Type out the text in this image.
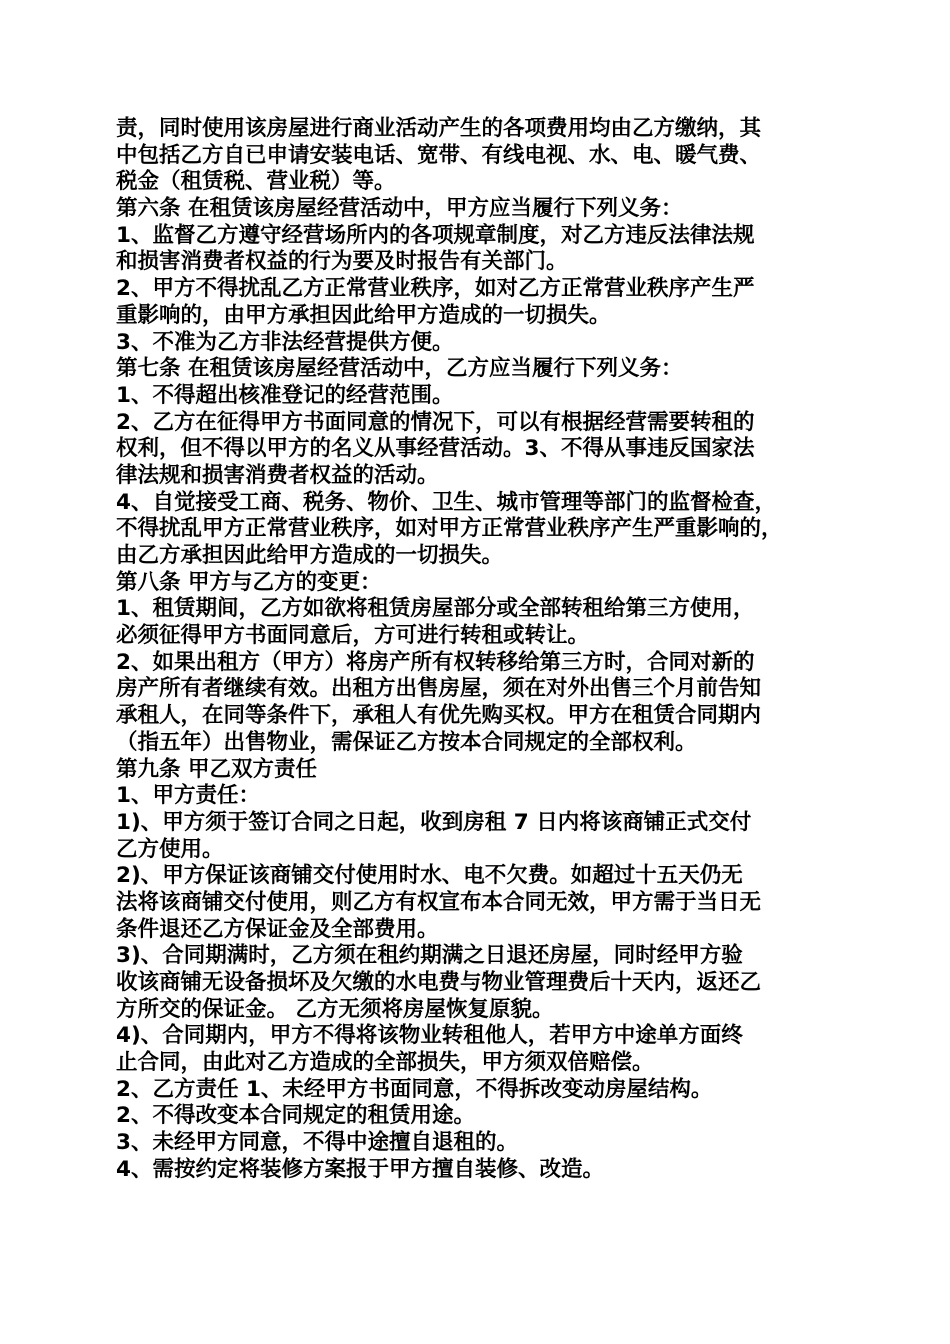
责，同时使用该房屋进行商业活动产生的各项费用均由乙方缴纳，其
中包括乙方自已申请安装电话、宽带、有线电视、水、电、暖气费、
税金（租赁税、营业税）等。
第六条 在租赁该房屋经营活动中，甲方应当履行下列义务：
1、监督乙方遵守经营场所内的各项规章制度，对乙方违反法律法规
和损害消费者权益的行为要及时报告有关部门。
2、甲方不得扰乱乙方正常营业秩序，如对乙方正常营业秩序产生严
重影响的，由甲方承担因此给甲方造成的一切损失。
3、不准为乙方非法经营提供方便。
第七条 在租赁该房屋经营活动中，乙方应当履行下列义务：
1、不得超出核准登记的经营范围。
2、乙方在征得甲方书面同意的情况下，可以有根据经营需要转租的
权利，但不得以甲方的名义从事经营活动。3、不得从事违反国家法
律法规和损害消费者权益的活动。
4、自觉接受工商、税务、物价、卫生、城市管理等部门的监督检查，
不得扰乱甲方正常营业秩序，如对甲方正常营业秩序产生严重影响的，
由乙方承担因此给甲方造成的一切损失。
第八条 甲方与乙方的变更：
1、租赁期间，乙方如欲将租赁房屋部分或全部转租给第三方使用，
必须征得甲方书面同意后，方可进行转租或转让。
2、如果出租方（甲方）将房产所有权转移给第三方时，合同对新的
房产所有者继续有效。出租方出售房屋，须在对外出售三个月前告知
承租人，在同等条件下，承租人有优先购买权。甲方在租赁合同期内
（指五年）出售物业，需保证乙方按本合同规定的全部权利。
第九条 甲乙双方责任
1、甲方责任：
1)、甲方须于签订合同之日起，收到房租 7 日内将该商铺正式交付
乙方使用。
2)、甲方保证该商铺交付使用时水、电不欠费。如超过十五天仍无
法将该商铺交付使用，则乙方有权宣布本合同无效，甲方需于当日无
条件退还乙方保证金及全部费用。
3)、合同期满时，乙方须在租约期满之日退还房屋，同时经甲方验
收该商铺无设备损坏及欠缴的水电费与物业管理费后十天内，返还乙
方所交的保证金。 乙方无须将房屋恢复原貌。
4)、合同期内，甲方不得将该物业转租他人，若甲方中途单方面终
止合同，由此对乙方造成的全部损失，甲方须双倍赔偿。
2、乙方责任 1、未经甲方书面同意，不得拆改变动房屋结构。
2、不得改变本合同规定的租赁用途。
3、未经甲方同意，不得中途擅自退租的。
4、需按约定将装修方案报于甲方擅自装修、改造。
